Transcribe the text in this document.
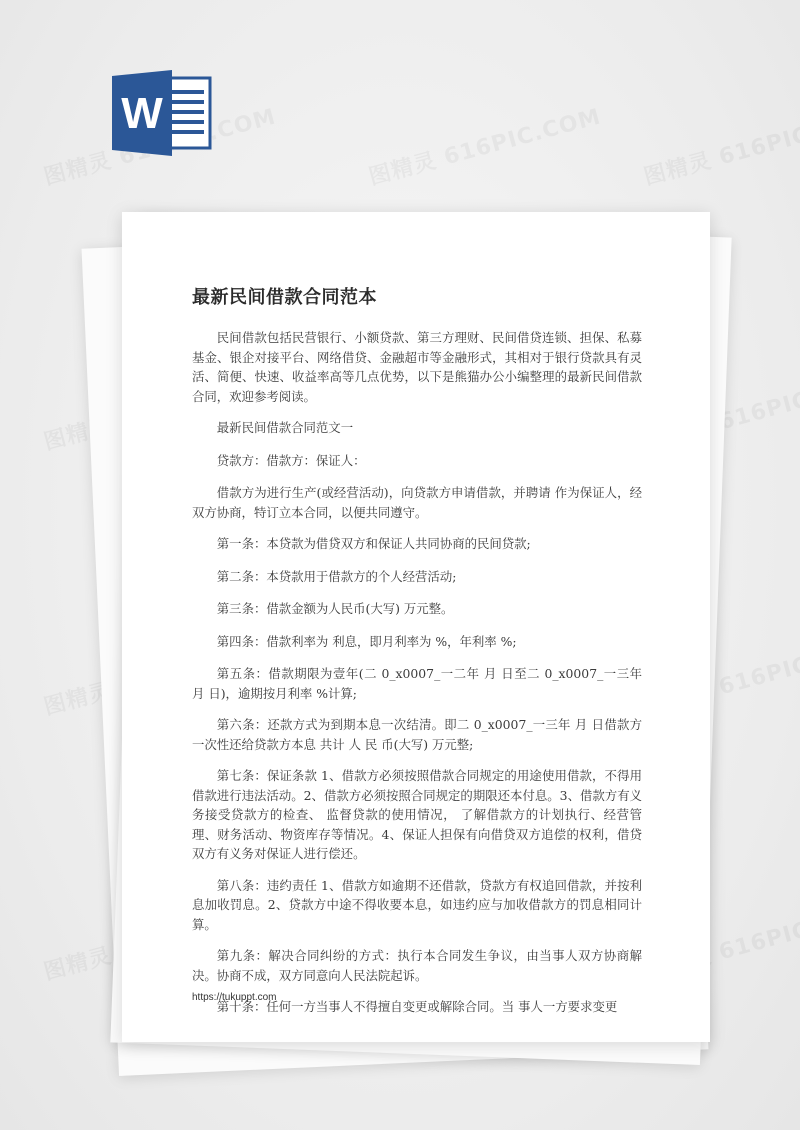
W
最新民间借款合同范本

民间借款包括民营银行、小额贷款、第三方理财、民间借贷连锁、担保、私募基金、银企对接平台、网络借贷、金融超市等金融形式，其相对于银行贷款具有灵活、简便、快速、收益率高等几点优势，以下是熊猫办公小编整理的最新民间借款合同，欢迎参考阅读。

最新民间借款合同范文一

贷款方：借款方：保证人：

借款方为进行生产(或经营活动)，向贷款方申请借款，并聘请 作为保证人，经双方协商，特订立本合同，以便共同遵守。

第一条：本贷款为借贷双方和保证人共同协商的民间贷款;

第二条：本贷款用于借款方的个人经营活动;

第三条：借款金额为人民币(大写) 万元整。

第四条：借款利率为 利息，即月利率为 %，年利率 %;

第五条：借款期限为壹年(二 0_x0007_一二年 月 日至二 0_x0007_一三年 月 日)，逾期按月利率 %计算;

第六条：还款方式为到期本息一次结清。即二 0_x0007_一三年 月 日借款方一次性还给贷款方本息 共计 人 民 币(大写) 万元整;

第七条：保证条款 1、借款方必须按照借款合同规定的用途使用借款，不得用借款进行违法活动。2、借款方必须按照合同规定的期限还本付息。3、借款方有义务接受贷款方的检查、 监督贷款的使用情况， 了解借款方的计划执行、经营管理、财务活动、物资库存等情况。4、保证人担保有向借贷双方追偿的权利，借贷双方有义务对保证人进行偿还。

第八条：违约责任 1、借款方如逾期不还借款，贷款方有权追回借款，并按利息加收罚息。2、贷款方中途不得收要本息，如违约应与加收借款方的罚息相同计算。

第九条：解决合同纠纷的方式：执行本合同发生争议，由当事人双方协商解决。协商不成，双方同意向人民法院起诉。

第十条：任何一方当事人不得擅自变更或解除合同。当 事人一方要求变更

https://tukuppt.com
